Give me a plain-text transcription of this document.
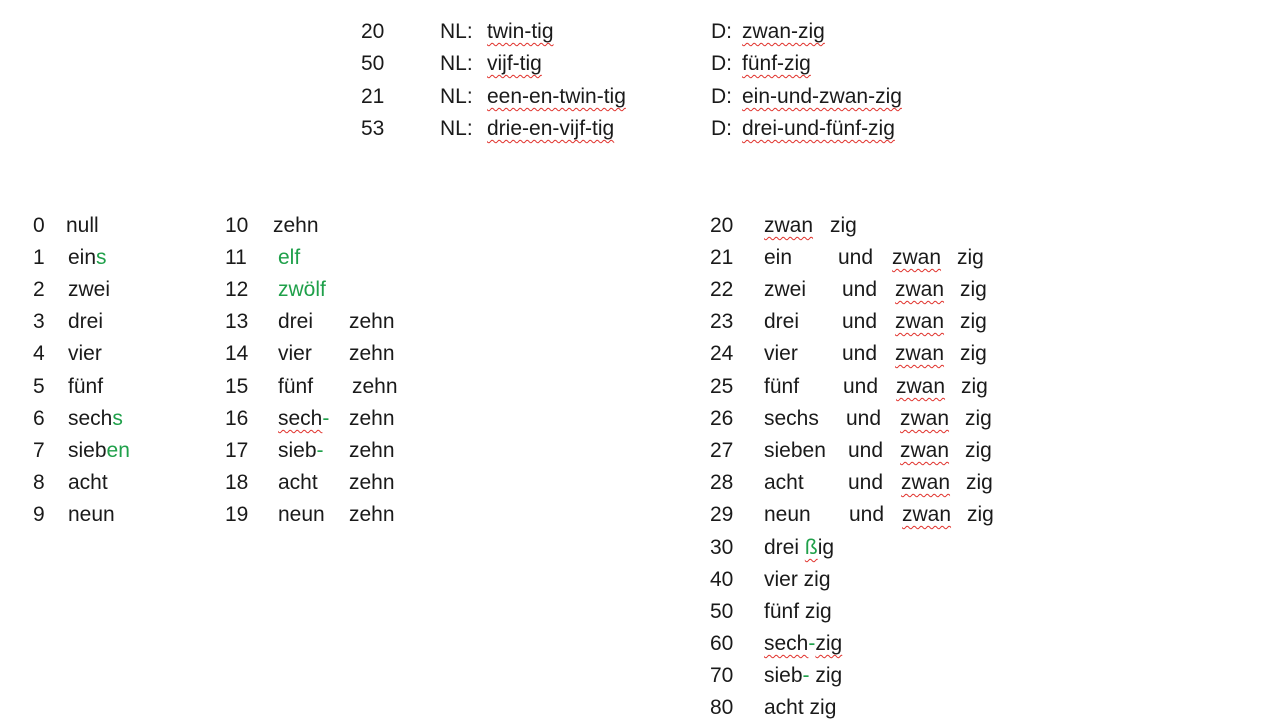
20	NL: twin-tig	D: zwan-zig
50	NL: vijf-tig	D: fünf-zig
21	NL: een-en-twin-tig	D: ein-und-zwan-zig
53	NL: drie-en-vijf-tig	D: drei-und-fünf-zig
0 null
1 eins
2 zwei
3 drei
4 vier
5 fünf
6 sechs
7 sieben
8 acht
9 neun
10 zehn
11 elf
12 zwölf
13 drei zehn
14 vier zehn
15 fünf zehn
16 sech- zehn
17 sieb- zehn
18 acht zehn
19 neun zehn
20 zwan zig
21 ein und zwan zig
22 zwei und zwan zig
23 drei und zwan zig
24 vier und zwan zig
25 fünf und zwan zig
26 sechs und zwan zig
27 sieben und zwan zig
28 acht und zwan zig
29 neun und zwan zig
30 drei ßig
40 vier zig
50 fünf zig
60 sech-zig
70 sieb- zig
80 acht zig
